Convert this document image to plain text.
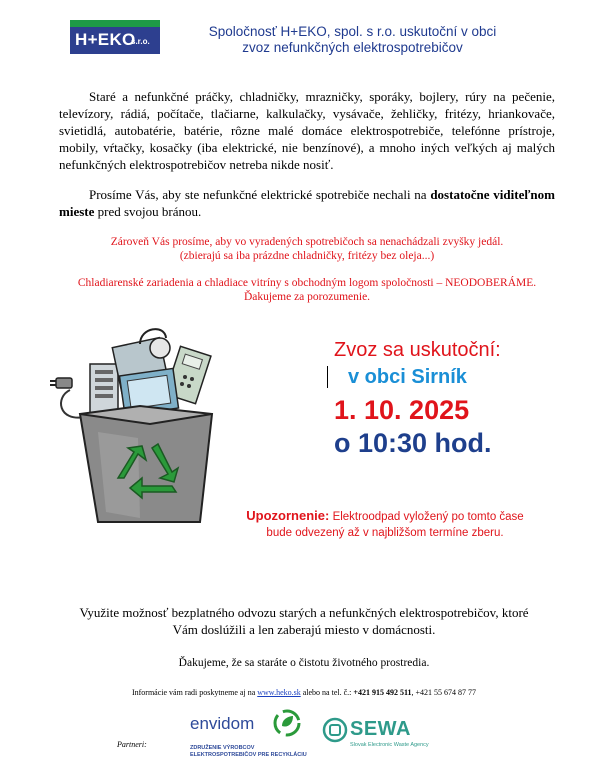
H+EKO
s.r.o.
Spoločnosť H+EKO, spol. s r.o. uskutoční v obci
zvoz nefunkčných elektrospotrebičov
Staré a nefunkčné práčky, chladničky, mrazničky, sporáky, bojlery, rúry na pečenie, televízory, rádiá, počítače, tlačiarne, kalkulačky, vysávače, žehličky, fritézy, hriankovače, svietidlá, autobatérie, batérie, rôzne malé domáce elektrospotrebiče, telefónne prístroje, mobily, vŕtačky, kosačky (iba elektrické, nie benzínové), a mnoho iných veľkých aj malých nefunkčných elektrospotrebičov netreba nikde nosiť.
Prosíme Vás, aby ste nefunkčné elektrické spotrebiče nechali na dostatočne viditeľnom mieste pred svojou bránou.
Zároveň Vás prosíme, aby vo vyradených spotrebičoch sa nenachádzali zvyšky jedál.
(zbierajú sa iba prázdne chladničky, fritézy bez oleja...)
Chladiarenské zariadenia a chladiace vitríny s obchodným logom spoločnosti – NEODOBERÁME.
Ďakujeme za porozumenie.
Zvoz sa uskutoční:
v obci Sirník
1. 10. 2025
o 10:30 hod.
Upozornenie: Elektroodpad vyložený po tomto čase
bude odvezený až v najbližšom termíne zberu.
Využite možnosť bezplatného odvozu starých a nefunkčných elektrospotrebičov, ktoré
Vám doslúžili a len zaberajú miesto v domácnosti.
Ďakujeme, že sa staráte o čistotu životného prostredia.
Informácie vám radi poskytneme aj na www.heko.sk alebo na tel. č.: +421 915 492 511, +421 55 674 87 77
Partneri:
envidom
ZDRUŽENIE VÝROBCOV
ELEKTROSPOTREBIČOV PRE RECYKLÁCIU
SEWA
Slovak Electronic Waste Agency
